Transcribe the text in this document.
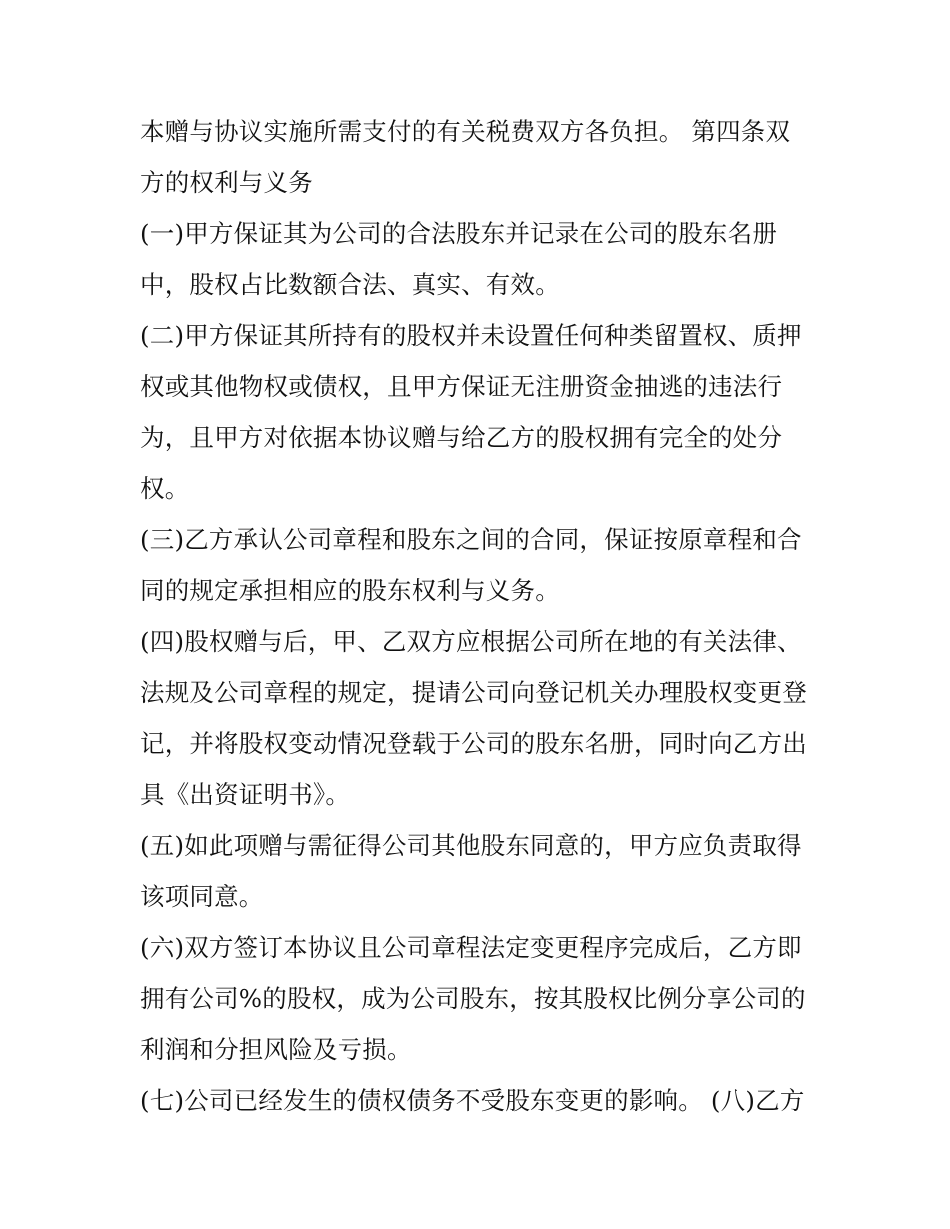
本赠与协议实施所需支付的有关税费双方各负担。 第四条双
方的权利与义务
(一)甲方保证其为公司的合法股东并记录在公司的股东名册
中，股权占比数额合法、真实、有效。
(二)甲方保证其所持有的股权并未设置任何种类留置权、质押
权或其他物权或债权，且甲方保证无注册资金抽逃的违法行
为，且甲方对依据本协议赠与给乙方的股权拥有完全的处分
权。
(三)乙方承认公司章程和股东之间的合同，保证按原章程和合
同的规定承担相应的股东权利与义务。
(四)股权赠与后，甲、乙双方应根据公司所在地的有关法律、
法规及公司章程的规定，提请公司向登记机关办理股权变更登
记，并将股权变动情况登载于公司的股东名册，同时向乙方出
具《出资证明书》。
(五)如此项赠与需征得公司其他股东同意的，甲方应负责取得
该项同意。
(六)双方签订本协议且公司章程法定变更程序完成后，乙方即
拥有公司%的股权，成为公司股东，按其股权比例分享公司的
利润和分担风险及亏损。
(七)公司已经发生的债权债务不受股东变更的影响。 (八)乙方
